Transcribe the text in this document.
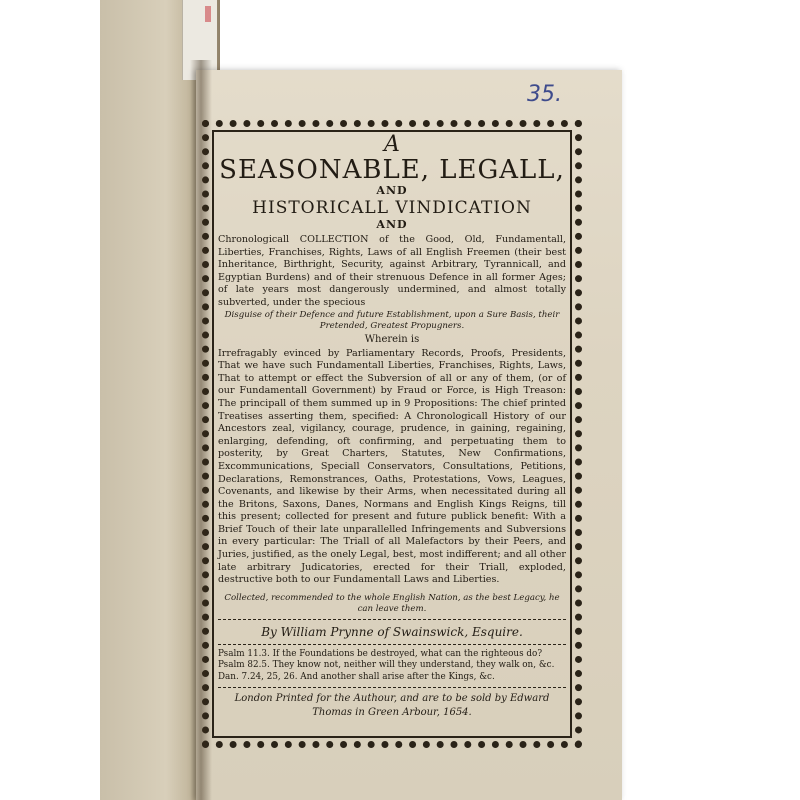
35.

A

SEASONABLE, LEGALL,

AND

HISTORICALL VINDICATION

AND

Chronologicall COLLECTION of the Good, Old, Fundamentall, Liberties, Franchises, Rights, Laws of all English Freemen (their best Inheritance, Birthright, Security, against Arbitrary, Tyrannicall, and Egyptian Burdens) and of their strenuous Defence in all former Ages; of late years most dangerously undermined, and almost totally subverted, under the specious

Disguise of their Defence and future Establishment, upon a Sure Basis, their Pretended, Greatest Propugners.

Wherein is

Irrefragably evinced by Parliamentary Records, Proofs, Presidents, That we have such Fundamentall Liberties, Franchises, Rights, Laws, That to attempt or effect the Subversion of all or any of them, (or of our Fundamentall Government) by Fraud or Force, is High Treason: The principall of them summed up in 9 Propositions: The chief printed Treatises asserting them, specified: A Chronologicall History of our Ancestors zeal, vigilancy, courage, prudence, in gaining, regaining, enlarging, defending, oft confirming, and perpetuating them to posterity, by Great Charters, Statutes, New Confirmations, Excommunications, Speciall Conservators, Consultations, Petitions, Declarations, Remonstrances, Oaths, Protestations, Vows, Leagues, Covenants, and likewise by their Arms, when necessitated during all the Britons, Saxons, Danes, Normans and English Kings Reigns, till this present; collected for present and future publick benefit: With a Brief Touch of their late unparallelled Infringements and Subversions in every particular: The Triall of all Malefactors by their Peers, and Juries, justified, as the onely Legal, best, most indifferent; and all other late arbitrary Judicatories, erected for their Triall, exploded, destructive both to our Fundamentall Laws and Liberties.

Collected, recommended to the whole English Nation, as the best Legacy, he can leave them.

By William Prynne of Swainswick, Esquire.

Psalm 11.3. If the Foundations be destroyed, what can the righteous do?

Psalm 82.5. They know not, neither will they understand, they walk on, &c.

Dan. 7.24, 25, 26. And another shall arise after the Kings, &c.

London Printed for the Authour, and are to be sold by Edward

Thomas in Green Arbour, 1654.
